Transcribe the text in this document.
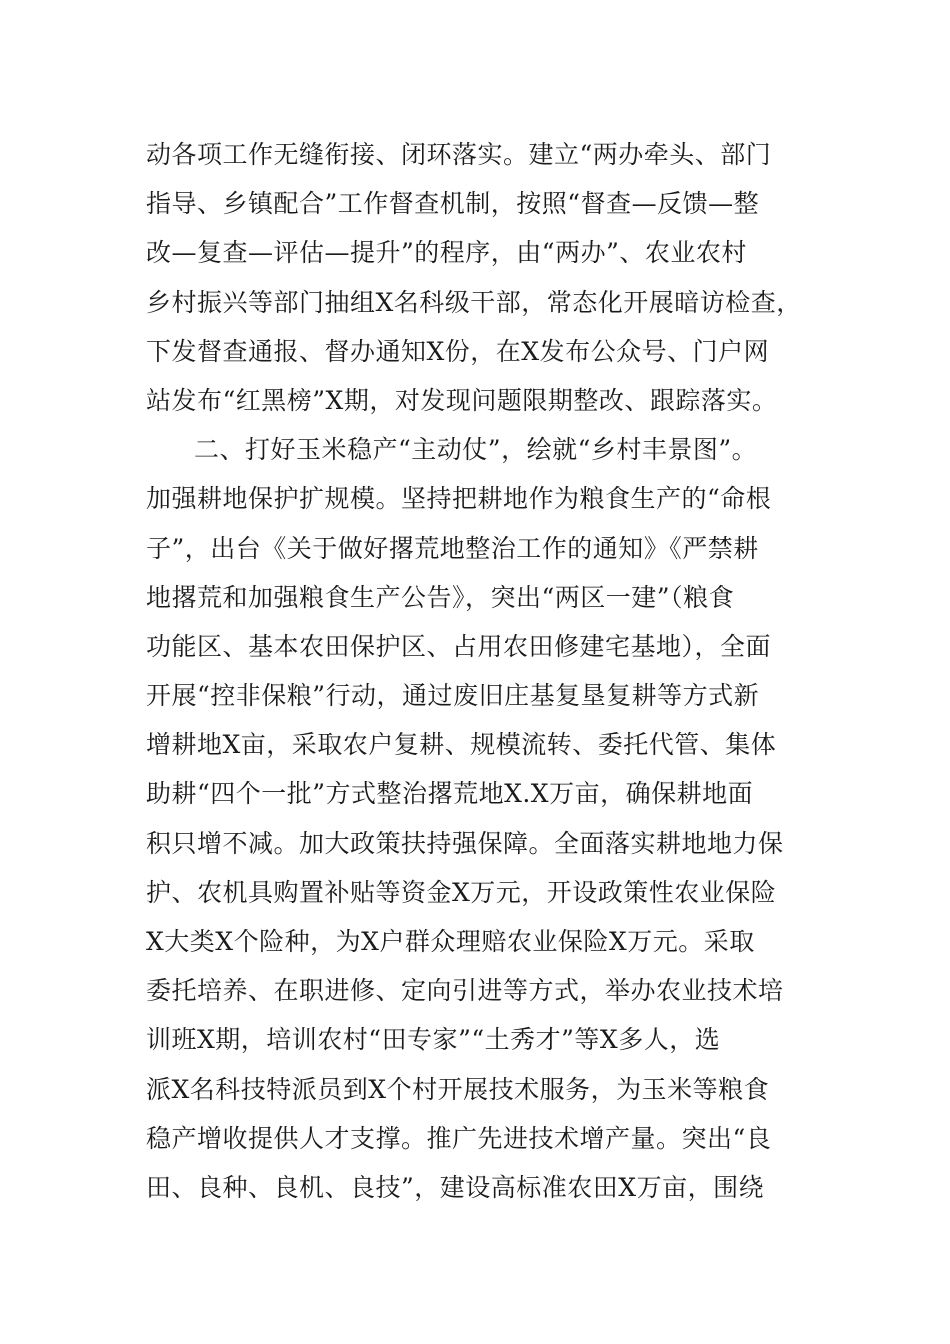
动各项工作无缝衔接、闭环落实。建立“两办牵头、部门
指导、乡镇配合”工作督查机制，按照“督查—反馈—整
改—复查—评估—提升”的程序，由“两办”、农业农村
乡村振兴等部门抽组X名科级干部，常态化开展暗访检查，
下发督查通报、督办通知X份，在X发布公众号、门户网
站发布“红黑榜”X期，对发现问题限期整改、跟踪落实。
二、打好玉米稳产“主动仗”，绘就“乡村丰景图”。
加强耕地保护扩规模。坚持把耕地作为粮食生产的“命根
子”，出台《关于做好撂荒地整治工作的通知》《严禁耕
地撂荒和加强粮食生产公告》，突出“两区一建”（粮食
功能区、基本农田保护区、占用农田修建宅基地），全面
开展“控非保粮”行动，通过废旧庄基复垦复耕等方式新
增耕地X亩，采取农户复耕、规模流转、委托代管、集体
助耕“四个一批”方式整治撂荒地X.X万亩，确保耕地面
积只增不减。加大政策扶持强保障。全面落实耕地地力保
护、农机具购置补贴等资金X万元，开设政策性农业保险
X大类X个险种，为X户群众理赔农业保险X万元。采取
委托培养、在职进修、定向引进等方式，举办农业技术培
训班X期，培训农村“田专家”“土秀才”等X多人，选
派X名科技特派员到X个村开展技术服务，为玉米等粮食
稳产增收提供人才支撑。推广先进技术增产量。突出“良
田、良种、良机、良技”，建设高标准农田X万亩，围绕
